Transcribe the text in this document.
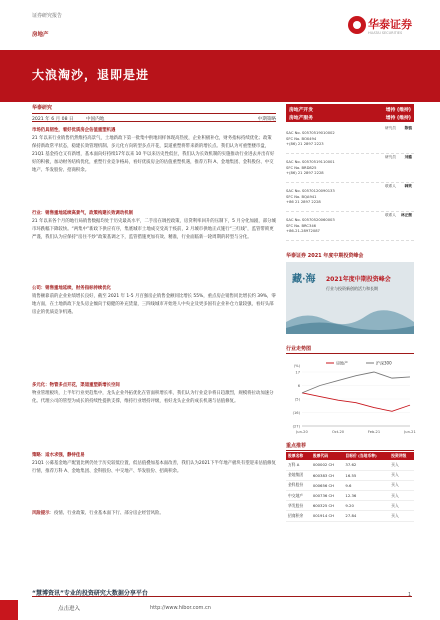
证券研究报告
房地产
华泰证券
HUATAI SECURITIES
大浪淘沙，退即是进
华泰研究
2021 年 6 月 08 日	中国内地	中期策略
市场仍具韧性，看好优质房企估值重塑机遇
21 年以来行业销售仍然维持高景气，土地新政下第一批集中供地同样体现高热度，企业积极补仓，财务指标持续优化；政策保持新政常平状态，稳建长效管理机制。多元化方向转型多点开花，渠道重塑将带来新的增长点。我们认为可重塑楼市盘，21Q1 基金持仓又有新增，基本面向好持续17年以来 10 半以来历史性低位，我们认为长效机制的实施推动行业进去并出有好好的积极，加动财务结构优化，重塑行业竞争格局，看好优质房企的估值重塑机遇，推荐万科 A、金地集团、金科股份、中交地产、华发股份、招商积余。
行业：销售重地延续高景气，政策构建长效调动机制
21 年以来各个月的地行局销售数据均处于历史最高水平，二手房在调控政策，房贷利率回升的压制下，5 月分化加剧，部分城市环跌幅下降较快。“两集中”新政下供应有序，集底城市土地成交受高于疫前，2 月城市供地正式施行“三红线”，监管带锁更严谨，我们认为应保持“房住不炒”政策基调之下，监管措施更加有效、精准，行业面临新一轮周期的转型与分化。
公司：销售重地延续，财务指标持续优化
销售额靠前的企业业绩增长良好，截至 2021 年 1-5 月百强房企销售金额同比增长 55%，重点房企销售同比增长约 39%，零地方面，在土地新政下龙头房企倾向于稳健的补充货量，三四线城市开始进人中央企及更多国有企业补仓力量较强，看好头部房企的优质竞争机遇。
多元化：物管多点开花，渠道重塑新增长空间
物业管理板块，上半年行业更趋集中，龙头企业外拓优化在管面积增长率，我们认为行业竞争将日趋激烈，规模将拉动加速分化。代理公司的管型为成长的持续性提供支撑，维持行业增持评级，看好龙头企业的成长机遇与估值修复。
策略：适水求强，静待佳易
21Q1 公募基金地产配置比例仍处于历史较低位置，低估值叠加基本面改善，我们认为2021下半年地产板块有望迎来估值修复行情，推荐万科 A、金地集团、金科股份、中交地产、华发股份、招商积余。
风险提示：疫情、行业政策、行业基本面下行、部分房企经营风险。
房地产开发	增持 (维持)
房地产服务	增持 (维持)
陈慎
研究员
SAC No. S0570519010002
SFC No. BOX494
+(86) 21 2897 2223
刘璐
研究员
SAC No. S0570519110001
SFC No. BRD825
+(86) 21 2897 2228
韩笑
联系人
SAC No. S0570120090133
SFC No. BQA941
+86 21 2897 2228
林正衡
联系人
SAC No. S0570520060003
SFC No. BRC346
+86-21-28972087
华泰证券 2021 年度中期投资峰会
藏·海 2021年度中期投资峰会
行业与投资新创的活力和长期
行业走势图
房地产	沪深300
17
6
(5)
(16)
(27)
(%)
Jun-20	Oct-20	Feb-21	Jun-21
重点推荐
股票名称	股票代码	目标价 (当地币种)	投资评级
万科 A	000002 CH	37.62	买入
金地集团	600383 CH	16.55	买入
金科股份	000656 CH	9.6	买入
中交地产	000736 CH	12.36	买入
华发股份	600325 CH	9.20	买入
招商积余	001914 CH	27.84	买入
“慧博资讯”专业的投资研究大数据分享平台
点击进入	http://www.hibor.com.cn
1
